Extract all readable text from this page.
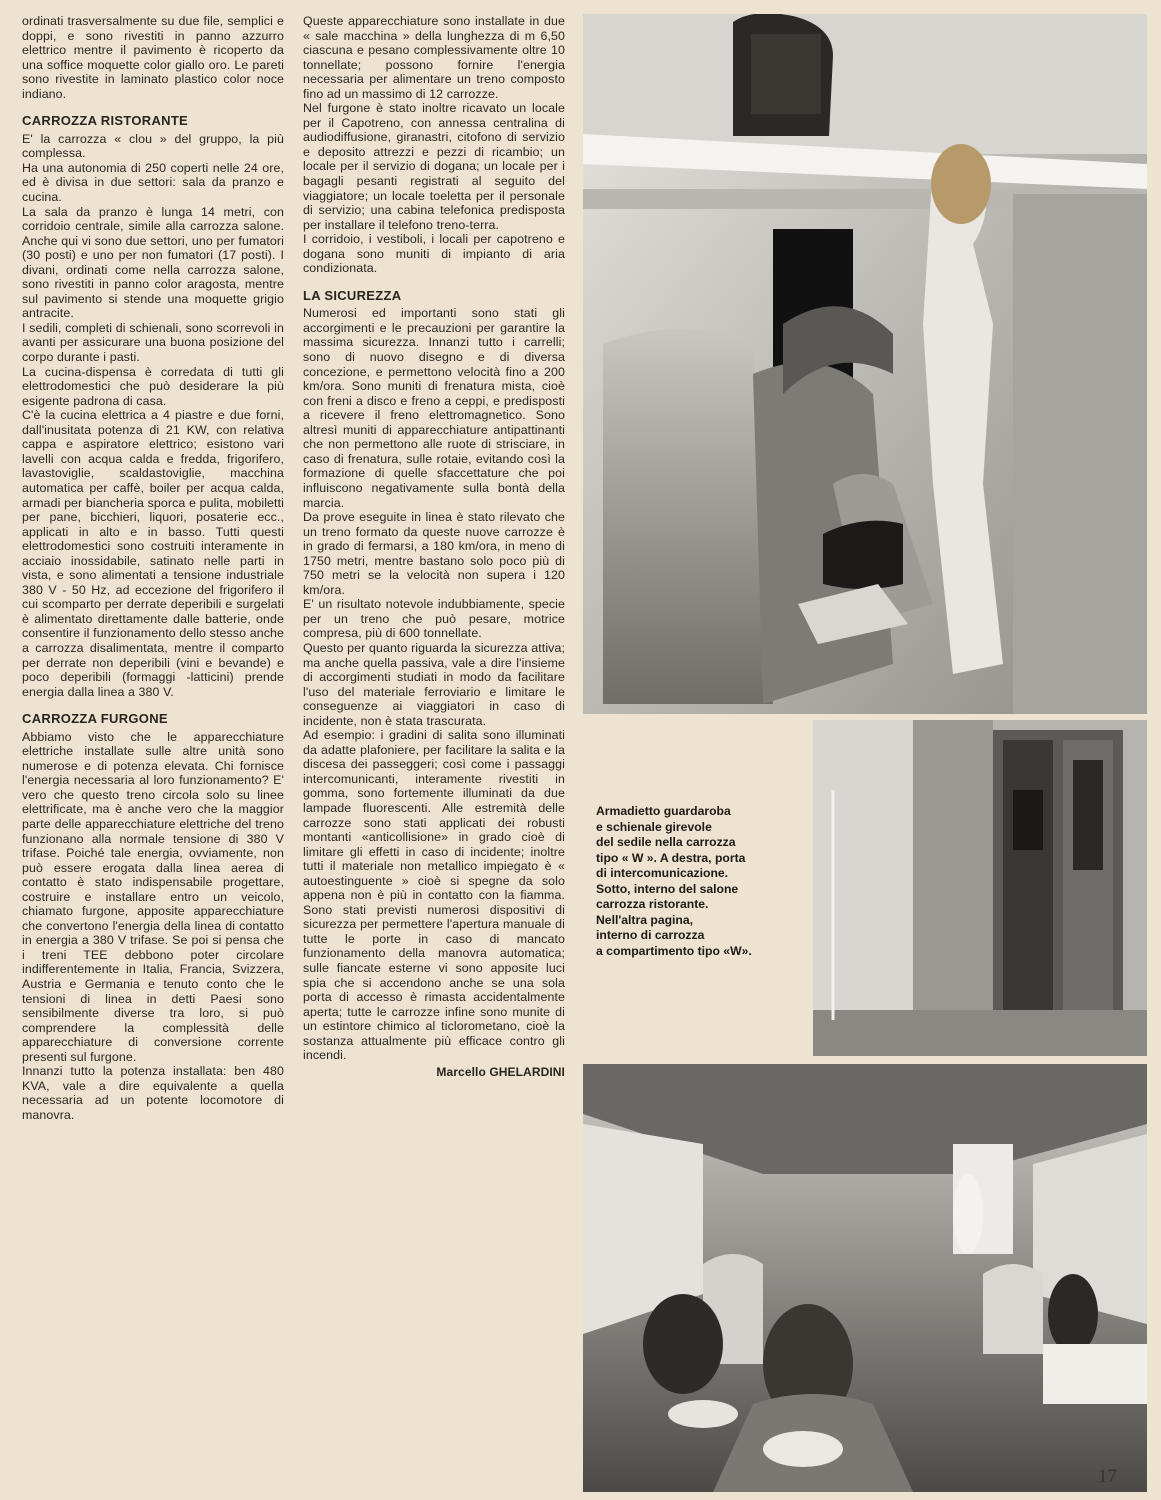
ordinati trasversalmente su due file, semplici e doppi, e sono rivestiti in panno azzurro elettrico mentre il pavimento è ricoperto da una soffice moquette color giallo oro. Le pareti sono rivestite in laminato plastico color noce indiano.

CARROZZA RISTORANTE

E' la carrozza « clou » del gruppo, la più complessa.

Ha una autonomia di 250 coperti nelle 24 ore, ed è divisa in due settori: sala da pranzo e cucina.

La sala da pranzo è lunga 14 metri, con corridoio centrale, simile alla carrozza salone. Anche qui vi sono due settori, uno per fumatori (30 posti) e uno per non fumatori (17 posti). I divani, ordinati come nella carrozza salone, sono rivestiti in panno color aragosta, mentre sul pavimento si stende una moquette grigio antracite.

I sedili, completi di schienali, sono scorrevoli in avanti per assicurare una buona posizione del corpo durante i pasti.

La cucina-dispensa è corredata di tutti gli elettrodomestici che può desiderare la più esigente padrona di casa.

C'è la cucina elettrica a 4 piastre e due forni, dall'inusitata potenza di 21 KW, con relativa cappa e aspiratore elettrico; esistono vari lavelli con acqua calda e fredda, frigorifero, lavastoviglie, scaldastoviglie, macchina automatica per caffè, boiler per acqua calda, armadi per biancheria sporca e pulita, mobiletti per pane, bicchieri, liquori, posaterie ecc., applicati in alto e in basso. Tutti questi elettrodomestici sono costruiti interamente in acciaio inossidabile, satinato nelle parti in vista, e sono alimentati a tensione industriale 380 V - 50 Hz, ad eccezione del frigorifero il cui scomparto per derrate deperibili e surgelati è alimentato direttamente dalle batterie, onde consentire il funzionamento dello stesso anche a carrozza disalimentata, mentre il comparto per derrate non deperibili (vini e bevande) e poco deperibili (formaggi -latticini) prende energia dalla linea a 380 V.

CARROZZA FURGONE

Abbiamo visto che le apparecchiature elettriche installate sulle altre unità sono numerose e di potenza elevata. Chi fornisce l'energia necessaria al loro funzionamento? E' vero che questo treno circola solo su linee elettrificate, ma è anche vero che la maggior parte delle apparecchiature elettriche del treno funzionano alla normale tensione di 380 V trifase. Poiché tale energia, ovviamente, non può essere erogata dalla linea aerea di contatto è stato indispensabile progettare, costruire e installare entro un veicolo, chiamato furgone, apposite apparecchiature che convertono l'energia della linea di contatto in energia a 380 V trifase. Se poi si pensa che i treni TEE debbono poter circolare indifferentemente in Italia, Francia, Svizzera, Austria e Germania e tenuto conto che le tensioni di linea in detti Paesi sono sensibilmente diverse tra loro, si può comprendere la complessità delle apparecchiature di conversione corrente presenti sul furgone.

Innanzi tutto la potenza installata: ben 480 KVA, vale a dire equivalente a quella necessaria ad un potente locomotore di manovra.

Queste apparecchiature sono installate in due « sale macchina » della lunghezza di m 6,50 ciascuna e pesano complessivamente oltre 10 tonnellate; possono fornire l'energia necessaria per alimentare un treno composto fino ad un massimo di 12 carrozze.

Nel furgone è stato inoltre ricavato un locale per il Capotreno, con annessa centralina di audiodiffusione, giranastri, citofono di servizio e deposito attrezzi e pezzi di ricambio; un locale per il servizio di dogana; un locale per i bagagli pesanti registrati al seguito del viaggiatore; un locale toeletta per il personale di servizio; una cabina telefonica predisposta per installare il telefono treno-terra.

I corridoio, i vestiboli, i locali per capotreno e dogana sono muniti di impianto di aria condizionata.

LA SICUREZZA

Numerosi ed importanti sono stati gli accorgimenti e le precauzioni per garantire la massima sicurezza. Innanzi tutto i carrelli; sono di nuovo disegno e di diversa concezione, e permettono velocità fino a 200 km/ora. Sono muniti di frenatura mista, cioè con freni a disco e freno a ceppi, e predisposti a ricevere il freno elettromagnetico. Sono altresì muniti di apparecchiature antipattinanti che non permettono alle ruote di strisciare, in caso di frenatura, sulle rotaie, evitando così la formazione di quelle sfaccettature che poi influiscono negativamente sulla bontà della marcia.

Da prove eseguite in linea è stato rilevato che un treno formato da queste nuove carrozze è in grado di fermarsi, a 180 km/ora, in meno di 1750 metri, mentre bastano solo poco più di 750 metri se la velocità non supera i 120 km/ora.

E' un risultato notevole indubbiamente, specie per un treno che può pesare, motrice compresa, più di 600 tonnellate.

Questo per quanto riguarda la sicurezza attiva; ma anche quella passiva, vale a dire l'insieme di accorgimenti studiati in modo da facilitare l'uso del materiale ferroviario e limitare le conseguenze ai viaggiatori in caso di incidente, non è stata trascurata.

Ad esempio: i gradini di salita sono illuminati da adatte plafoniere, per facilitare la salita e la discesa dei passeggeri; così come i passaggi intercomunicanti, interamente rivestiti in gomma, sono fortemente illuminati da due lampade fluorescenti. Alle estremità delle carrozze sono stati applicati dei robusti montanti «anticollisione» in grado cioè di limitare gli effetti in caso di incidente; inoltre tutti il materiale non metallico impiegato è « autoestinguente » cioè si spegne da solo appena non è più in contatto con la fiamma. Sono stati previsti numerosi dispositivi di sicurezza per permettere l'apertura manuale di tutte le porte in caso di mancato funzionamento della manovra automatica; sulle fiancate esterne vi sono apposite luci spia che si accendono anche se una sola porta di accesso è rimasta accidentalmente aperta; tutte le carrozze infine sono munite di un estintore chimico al ticlorometano, cioè la sostanza attualmente più efficace contro gli incendi.

Marcello GHELARDINI
Armadietto guardaroba
e schienale girevole
del sedile nella carrozza
tipo « W ». A destra, porta
di intercomunicazione.
Sotto, interno del salone
carrozza ristorante.
Nell'altra pagina,
interno di carrozza
a compartimento tipo «W».
17
